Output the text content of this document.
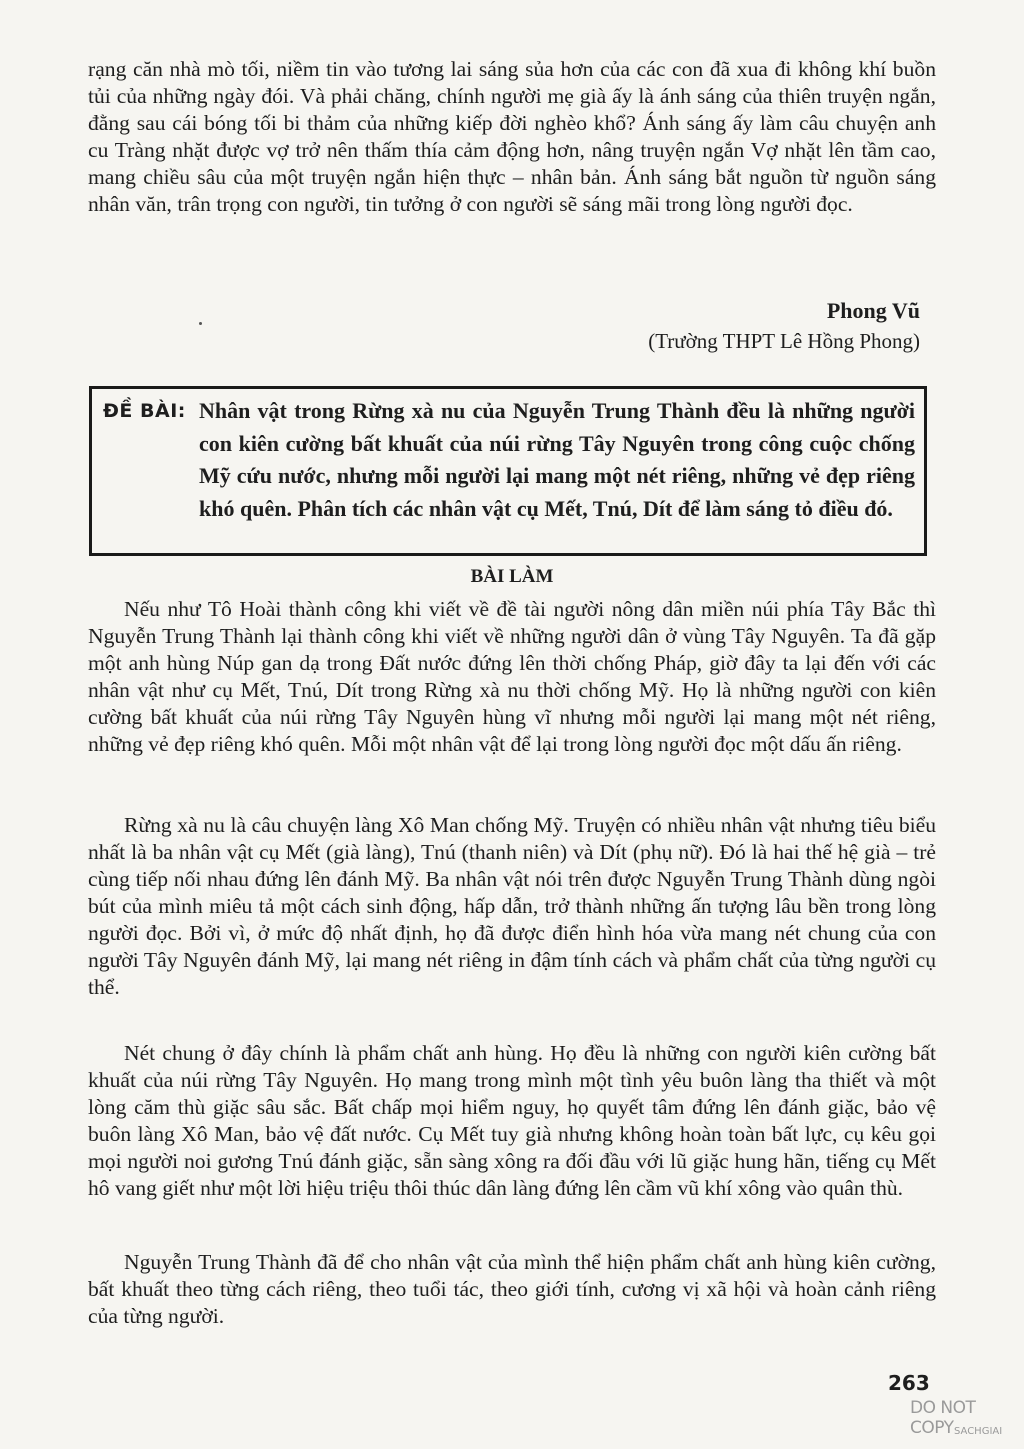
rạng căn nhà mò tối, niềm tin vào tương lai sáng sủa hơn của các con đã xua đi không khí buồn tủi của những ngày đói. Và phải chăng, chính người mẹ già ấy là ánh sáng của thiên truyện ngắn, đằng sau cái bóng tối bi thảm của những kiếp đời nghèo khổ? Ánh sáng ấy làm câu chuyện anh cu Tràng nhặt được vợ trở nên thấm thía cảm động hơn, nâng truyện ngắn Vợ nhặt lên tầm cao, mang chiều sâu của một truyện ngắn hiện thực – nhân bản. Ánh sáng bắt nguồn từ nguồn sáng nhân văn, trân trọng con người, tin tưởng ở con người sẽ sáng mãi trong lòng người đọc.

Phong Vũ
(Trường THPT Lê Hồng Phong)
ĐỀ BÀI: Nhân vật trong Rừng xà nu của Nguyễn Trung Thành đều là những người con kiên cường bất khuất của núi rừng Tây Nguyên trong công cuộc chống Mỹ cứu nước, nhưng mỗi người lại mang một nét riêng, những vẻ đẹp riêng khó quên. Phân tích các nhân vật cụ Mết, Tnú, Dít để làm sáng tỏ điều đó.

BÀI LÀM

Nếu như Tô Hoài thành công khi viết về đề tài người nông dân miền núi phía Tây Bắc thì Nguyễn Trung Thành lại thành công khi viết về những người dân ở vùng Tây Nguyên. Ta đã gặp một anh hùng Núp gan dạ trong Đất nước đứng lên thời chống Pháp, giờ đây ta lại đến với các nhân vật như cụ Mết, Tnú, Dít trong Rừng xà nu thời chống Mỹ. Họ là những người con kiên cường bất khuất của núi rừng Tây Nguyên hùng vĩ nhưng mỗi người lại mang một nét riêng, những vẻ đẹp riêng khó quên. Mỗi một nhân vật để lại trong lòng người đọc một dấu ấn riêng.

Rừng xà nu là câu chuyện làng Xô Man chống Mỹ. Truyện có nhiều nhân vật nhưng tiêu biểu nhất là ba nhân vật cụ Mết (già làng), Tnú (thanh niên) và Dít (phụ nữ). Đó là hai thế hệ già – trẻ cùng tiếp nối nhau đứng lên đánh Mỹ. Ba nhân vật nói trên được Nguyễn Trung Thành dùng ngòi bút của mình miêu tả một cách sinh động, hấp dẫn, trở thành những ấn tượng lâu bền trong lòng người đọc. Bởi vì, ở mức độ nhất định, họ đã được điển hình hóa vừa mang nét chung của con người Tây Nguyên đánh Mỹ, lại mang nét riêng in đậm tính cách và phẩm chất của từng người cụ thể.

Nét chung ở đây chính là phẩm chất anh hùng. Họ đều là những con người kiên cường bất khuất của núi rừng Tây Nguyên. Họ mang trong mình một tình yêu buôn làng tha thiết và một lòng căm thù giặc sâu sắc. Bất chấp mọi hiểm nguy, họ quyết tâm đứng lên đánh giặc, bảo vệ buôn làng Xô Man, bảo vệ đất nước. Cụ Mết tuy già nhưng không hoàn toàn bất lực, cụ kêu gọi mọi người noi gương Tnú đánh giặc, sẵn sàng xông ra đối đầu với lũ giặc hung hãn, tiếng cụ Mết hô vang giết như một lời hiệu triệu thôi thúc dân làng đứng lên cầm vũ khí xông vào quân thù.

Nguyễn Trung Thành đã để cho nhân vật của mình thể hiện phẩm chất anh hùng kiên cường, bất khuất theo từng cách riêng, theo tuổi tác, theo giới tính, cương vị xã hội và hoàn cảnh riêng của từng người.

263
DO NOT COPY SACHGIAI
